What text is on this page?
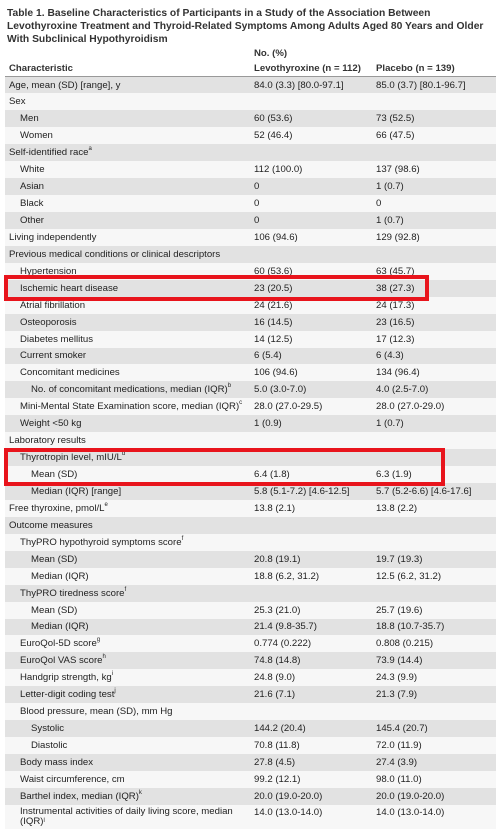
Table 1. Baseline Characteristics of Participants in a Study of the Association Between Levothyroxine Treatment and Thyroid-Related Symptoms Among Adults Aged 80 Years and Older With Subclinical Hypothyroidism
	No. (%)	
Characteristic	Levothyroxine (n = 112)	Placebo (n = 139)
Age, mean (SD) [range], y	84.0 (3.3) [80.0-97.1]	85.0 (3.7) [80.1-96.7]
Sex		
Men	60 (53.6)	73 (52.5)
Women	52 (46.4)	66 (47.5)
Self-identified race$^a$		
White	112 (100.0)	137 (98.6)
Asian	0	1 (0.7)
Black	0	0
Other	0	1 (0.7)
Living independently	106 (94.6)	129 (92.8)
Previous medical conditions or clinical descriptors		
Hypertension	60 (53.6)	63 (45.7)
Ischemic heart disease	23 (20.5)	38 (27.3)
Atrial fibrillation	24 (21.6)	24 (17.3)
Osteoporosis	16 (14.5)	23 (16.5)
Diabetes mellitus	14 (12.5)	17 (12.3)
Current smoker	6 (5.4)	6 (4.3)
Concomitant medicines	106 (94.6)	134 (96.4)
No. of concomitant medications, median (IQR)$^b$	5.0 (3.0-7.0)	4.0 (2.5-7.0)
Mini-Mental State Examination score, median (IQR)$^c$	28.0 (27.0-29.5)	28.0 (27.0-29.0)
Weight <50 kg	1 (0.9)	1 (0.7)
Laboratory results		
Thyrotropin level, mIU/$L^d$		
Mean (SD)	6.4 (1.8)	6.3 (1.9)
Median (IQR) [range]	5.8 (5.1-7.2) [4.6-12.5]	5.7 (5.2-6.6) [4.6-17.6]
Free thyroxine, pmol/Le	13.8 (2.1)	13.8 (2.2)
Outcome measures		
ThyPRO hypothyroid symptoms score$^f$		
Mean (SD)	20.8 (19.1)	19.7 (19.3)
Median (IQR)	18.8 (6.2, 31.2)	12.5 (6.2, 31.2)
ThyPRO tiredness score$^f$		
Mean (SD)	25.3 (21.0)	25.7 (19.6)
Median (IQR)	21.4 (9.8-35.7)	18.8 (10.7-35.7)
EuroQol-5D score$^g$	0.774 (0.222)	0.808 (0.215)
EuroQol VAS score$^h$	74.8 (14.8)	73.9 (14.4)
Handgrip strength, $kg^i$	24.8 (9.0)	24.3 (9.9)
Letter-digit coding test$^j$	21.6 (7.1)	21.3 (7.9)
Blood pressure, mean (SD), mm Hg		
Systolic	144.2 (20.4)	145.4 (20.7)
Diastolic	70.8 (11.8)	72.0 (11.9)
Body mass index	27.8 (4.5)	27.4 (3.9)
Waist circumference, cm	99.2 (12.1)	98.0 (11.0)
Barthel index, median (IQR)$^k$	20.0 (19.0-20.0)	20.0 (19.0-20.0)
Instrumental activities of daily living score, median (IQR)$^l$	14.0 (13.0-14.0)	14.0 (13.0-14.0)
